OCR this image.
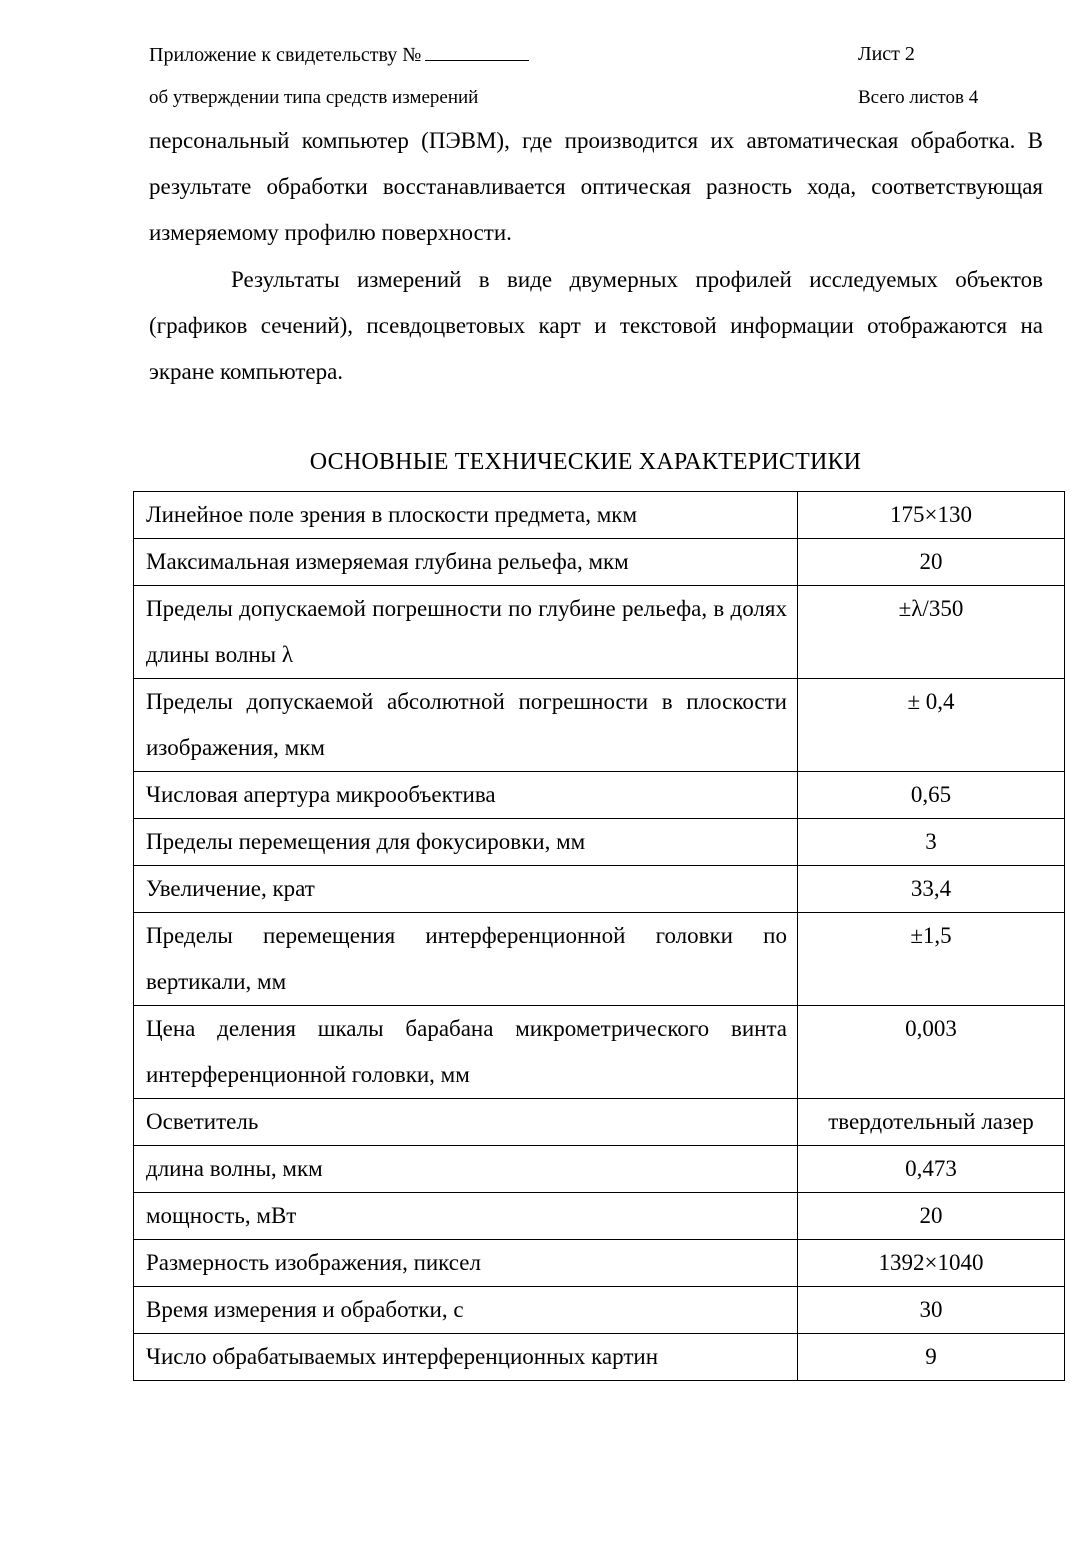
Приложение к свидетельству №	Лист 2
об утверждении типа средств измерений	Всего листов 4
персональный компьютер (ПЭВМ), где производится их автоматическая обработка. В результате обработки восстанавливается оптическая разность хода, соответствующая измеряемому профилю поверхности.
Результаты измерений в виде двумерных профилей исследуемых объектов (графиков сечений), псевдоцветовых карт и текстовой информации отображаются на экране компьютера.
ОСНОВНЫЕ ТЕХНИЧЕСКИЕ ХАРАКТЕРИСТИКИ
Линейное поле зрения в плоскости предмета, мкм	175×130
Максимальная измеряемая глубина рельефа, мкм	20
Пределы допускаемой погрешности по глубине рельефа, в долях длины волны λ	±λ/350
Пределы допускаемой абсолютной погрешности в плоскости изображения, мкм	± 0,4
Числовая апертура микрообъектива	0,65
Пределы перемещения для фокусировки, мм	3
Увеличение, крат	33,4
Пределы перемещения интерференционной головки по вертикали, мм	±1,5
Цена деления шкалы барабана микрометрического винта интерференционной головки, мм	0,003
Осветитель	твердотельный лазер
длина волны, мкм	0,473
мощность, мВт	20
Размерность изображения, пиксел	1392×1040
Время измерения и обработки, с	30
Число обрабатываемых интерференционных картин	9
